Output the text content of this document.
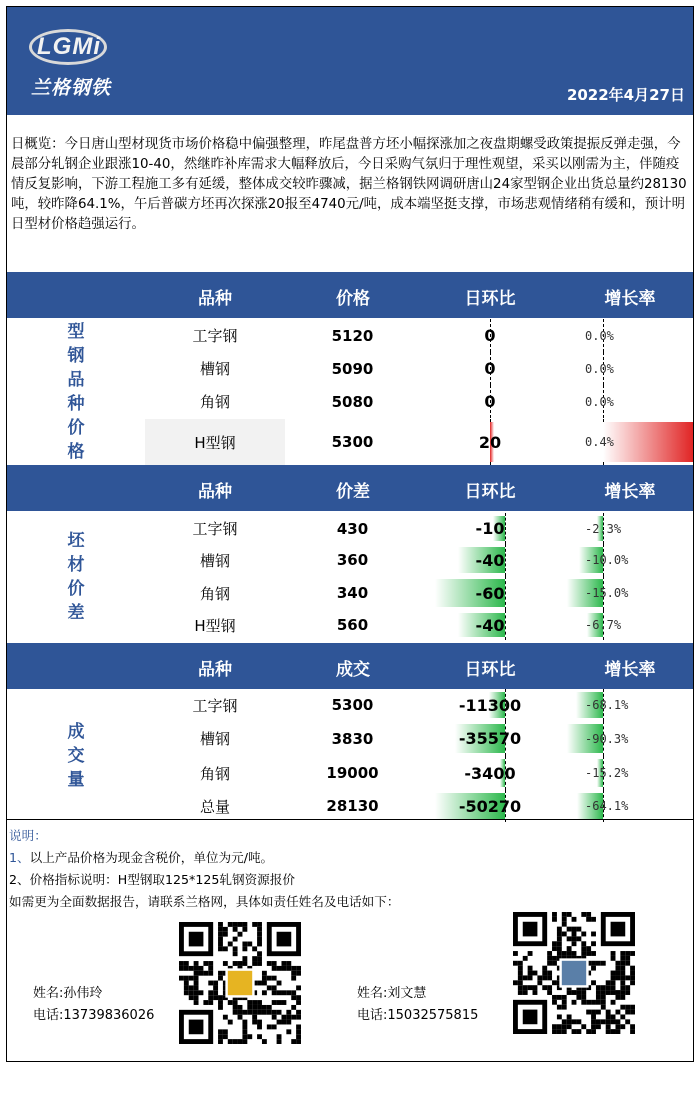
LGMi
兰格钢铁	2022年4月27日
日概览：今日唐山型材现货市场价格稳中偏强整理，昨尾盘普方坯小幅探涨加之夜盘期螺受政策提振反弹走强，今晨部分轧钢企业跟涨10-40，然继昨补库需求大幅释放后，今日采购气氛归于理性观望，采买以刚需为主，伴随疫情反复影响，下游工程施工多有延缓，整体成交较昨骤减，据兰格钢铁网调研唐山24家型钢企业出货总量约28130吨，较昨降64.1%，午后普碳方坯再次探涨20报至4740元/吨，成本端坚挺支撑，市场悲观情绪稍有缓和，预计明日型材价格趋强运行。
品种	价格	日环比	增长率
型
钢
品
种
价
格
工字钢	5120	0	0.0%
槽钢	5090	0	0.0%
角钢	5080	0	0.0%
H型钢	5300	20	0.4%
品种	价差	日环比	增长率
坯
材
价
差
工字钢	430	-10	-2.3%
槽钢	360	-40	-10.0%
角钢	340	-60	-15.0%
H型钢	560	-40	-6.7%
品种	成交	日环比	增长率
成
交
量
工字钢	5300	-11300	-68.1%
槽钢	3830	-35570	-90.3%
角钢	19000	-3400	-15.2%
总量	28130	-50270	-64.1%
说明：
1、以上产品价格为现金含税价，单位为元/吨。
2、价格指标说明：H型钢取125*125轧钢资源报价
如需更为全面数据报告，请联系兰格网，具体如责任姓名及电话如下：
姓名:孙伟玲
电话:13739836026
姓名:刘文慧
电话:15032575815
